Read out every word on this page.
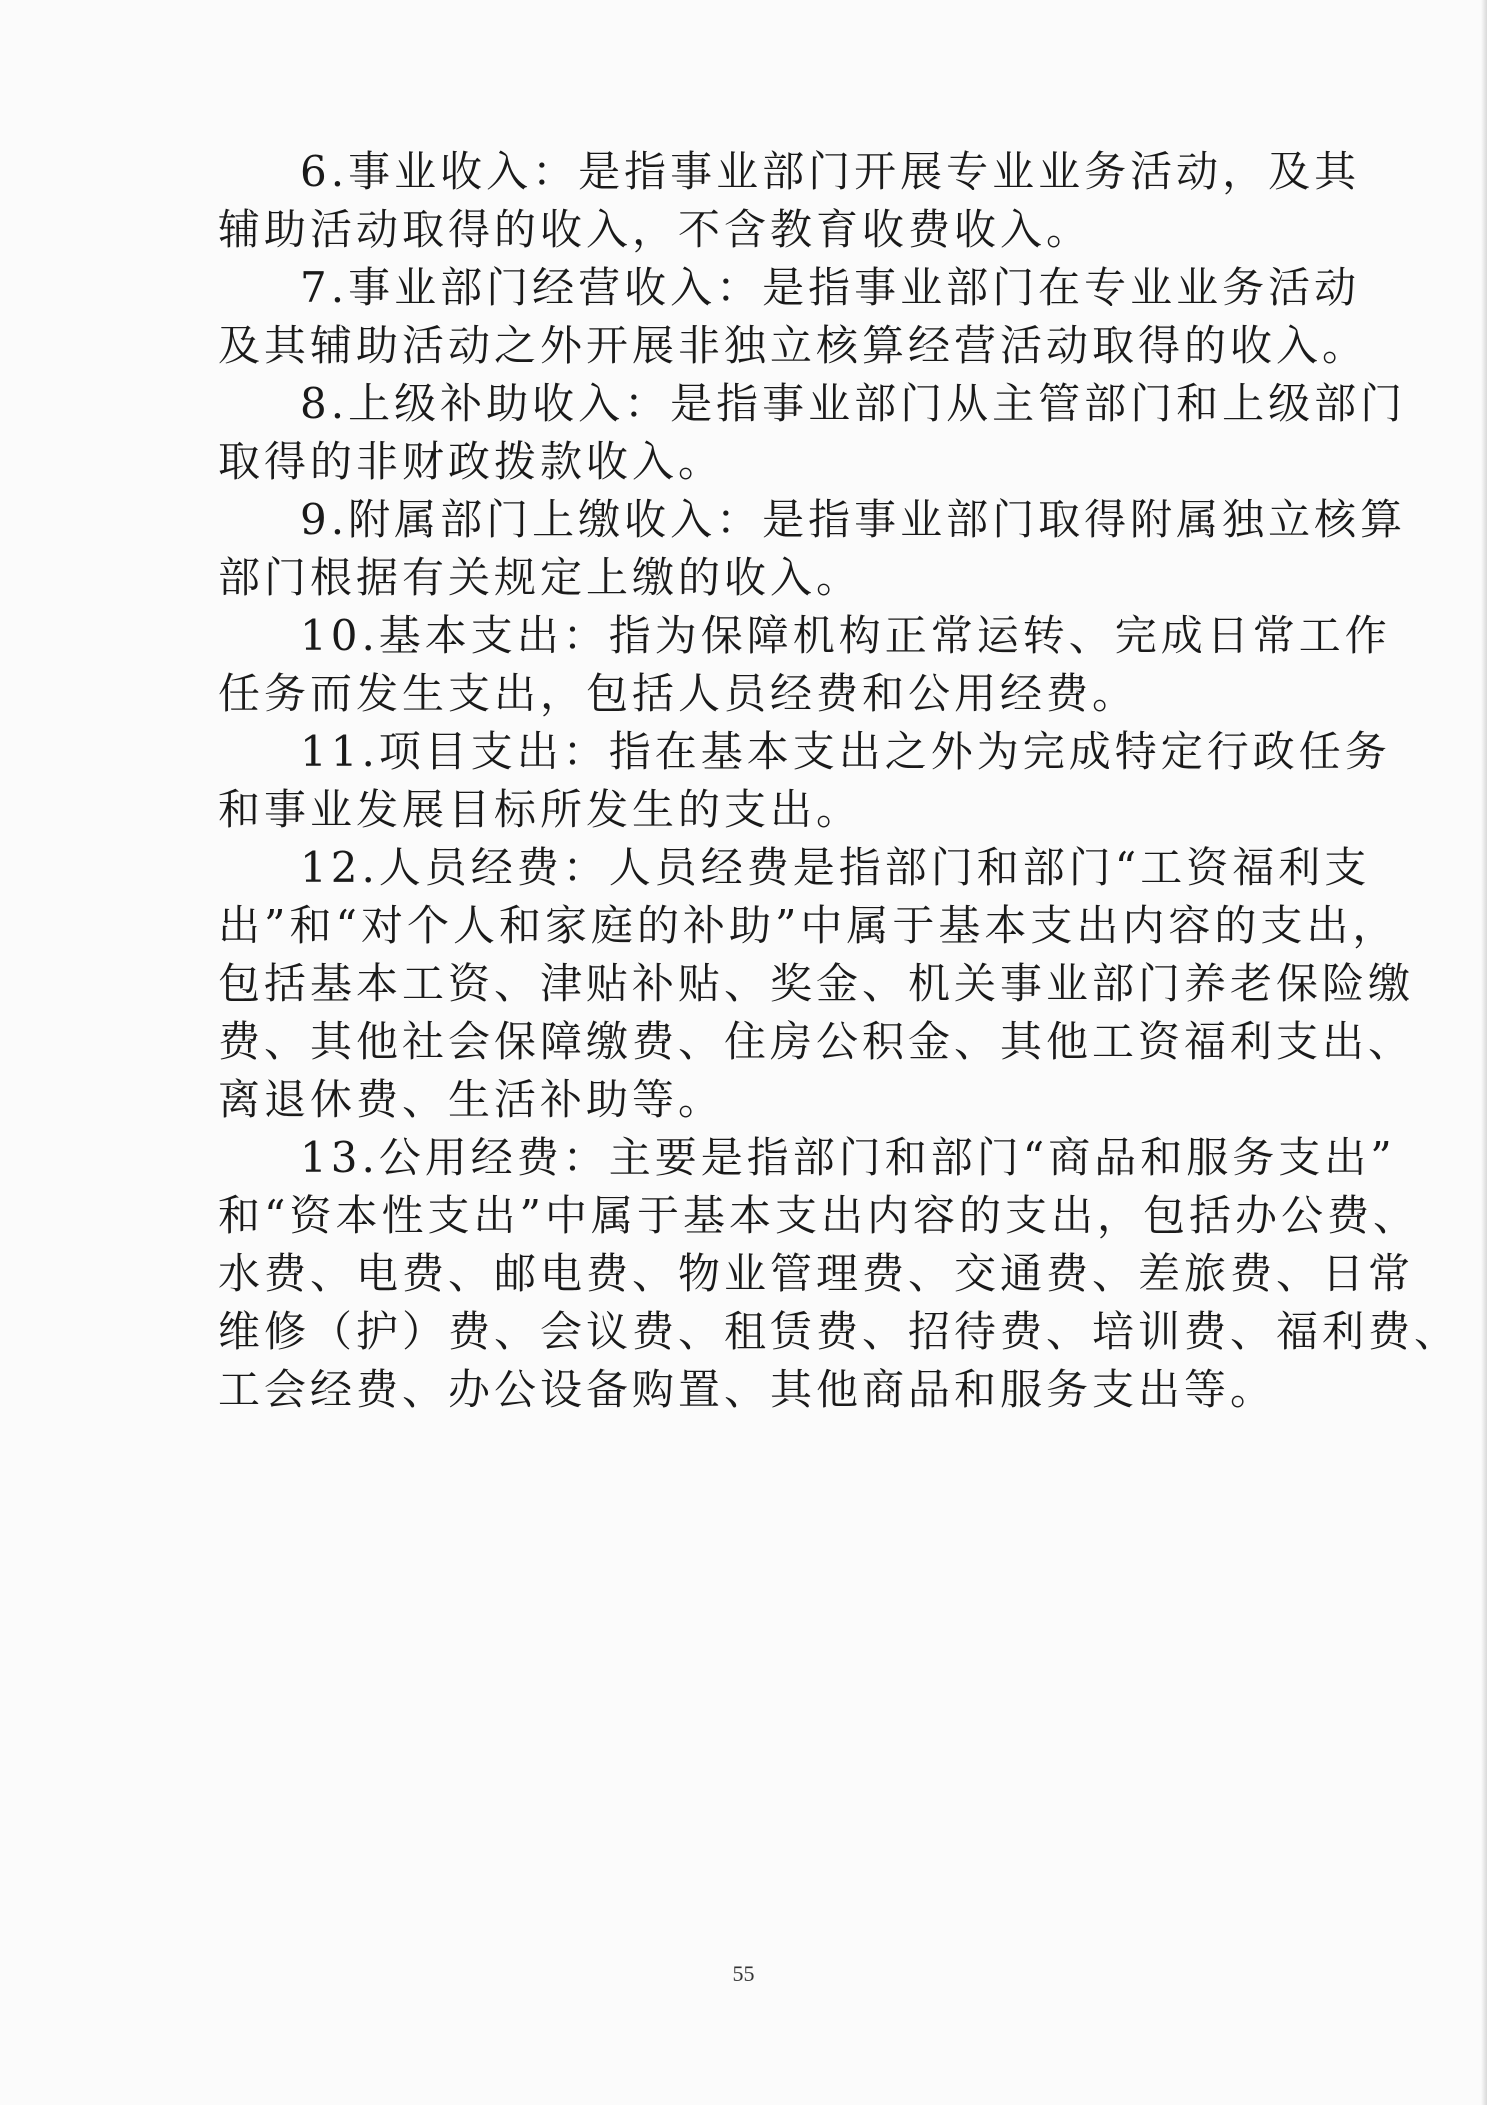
6.事业收入：是指事业部门开展专业业务活动，及其

辅助活动取得的收入，不含教育收费收入。

7.事业部门经营收入：是指事业部门在专业业务活动

及其辅助活动之外开展非独立核算经营活动取得的收入。

8.上级补助收入：是指事业部门从主管部门和上级部门

取得的非财政拨款收入。

9.附属部门上缴收入：是指事业部门取得附属独立核算

部门根据有关规定上缴的收入。

10.基本支出：指为保障机构正常运转、完成日常工作

任务而发生支出，包括人员经费和公用经费。

11.项目支出：指在基本支出之外为完成特定行政任务

和事业发展目标所发生的支出。

12.人员经费：人员经费是指部门和部门“工资福利支

出”和“对个人和家庭的补助”中属于基本支出内容的支出，

包括基本工资、津贴补贴、奖金、机关事业部门养老保险缴

费、其他社会保障缴费、住房公积金、其他工资福利支出、

离退休费、生活补助等。

13.公用经费：主要是指部门和部门“商品和服务支出”

和“资本性支出”中属于基本支出内容的支出，包括办公费、

水费、电费、邮电费、物业管理费、交通费、差旅费、日常

维修（护）费、会议费、租赁费、招待费、培训费、福利费、

工会经费、办公设备购置、其他商品和服务支出等。

55
